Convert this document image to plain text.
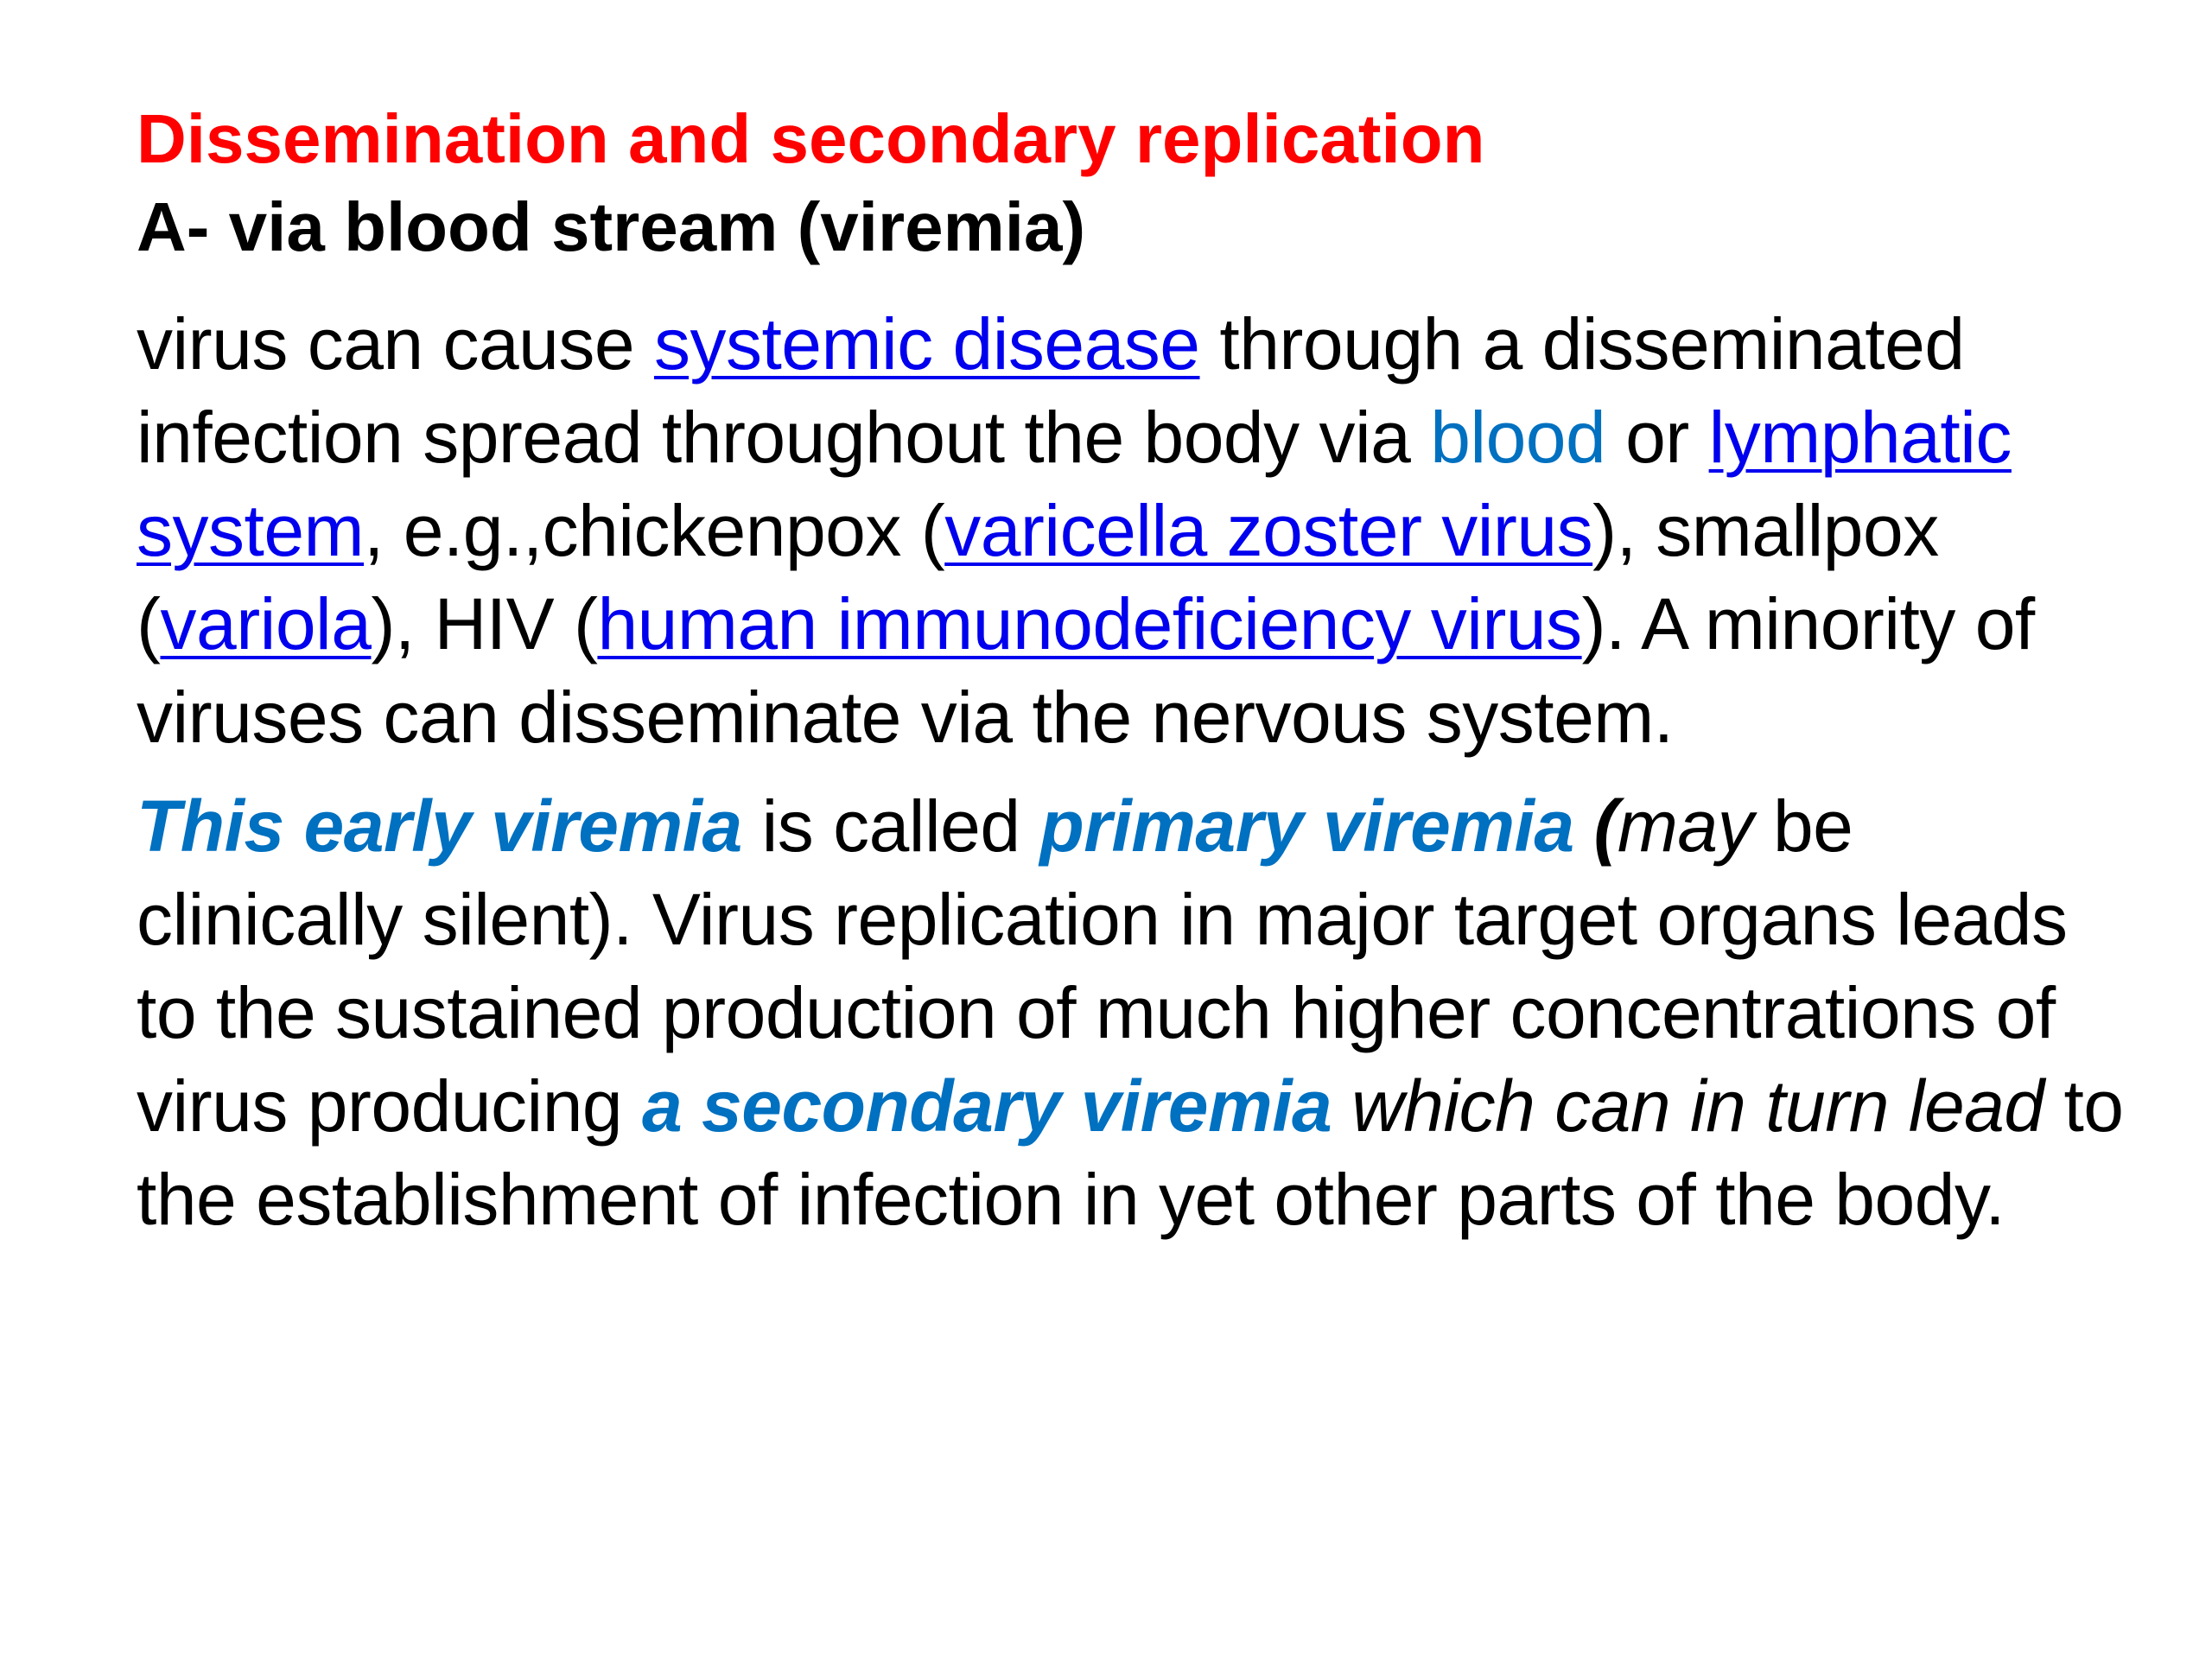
Dissemination and secondary replication
A- via blood stream (viremia)

virus can cause systemic disease through a disseminated infection spread throughout the body via blood or lymphatic system, e.g.,chickenpox (varicella zoster virus), smallpox (variola), HIV (human immunodeficiency virus). A minority of viruses can disseminate via the nervous system.

This early viremia is called primary viremia (may be clinically silent). Virus replication in major target organs leads to the sustained production of much higher concentrations of virus producing a secondary viremia which can in turn lead to the establishment of infection in yet other parts of the body.
